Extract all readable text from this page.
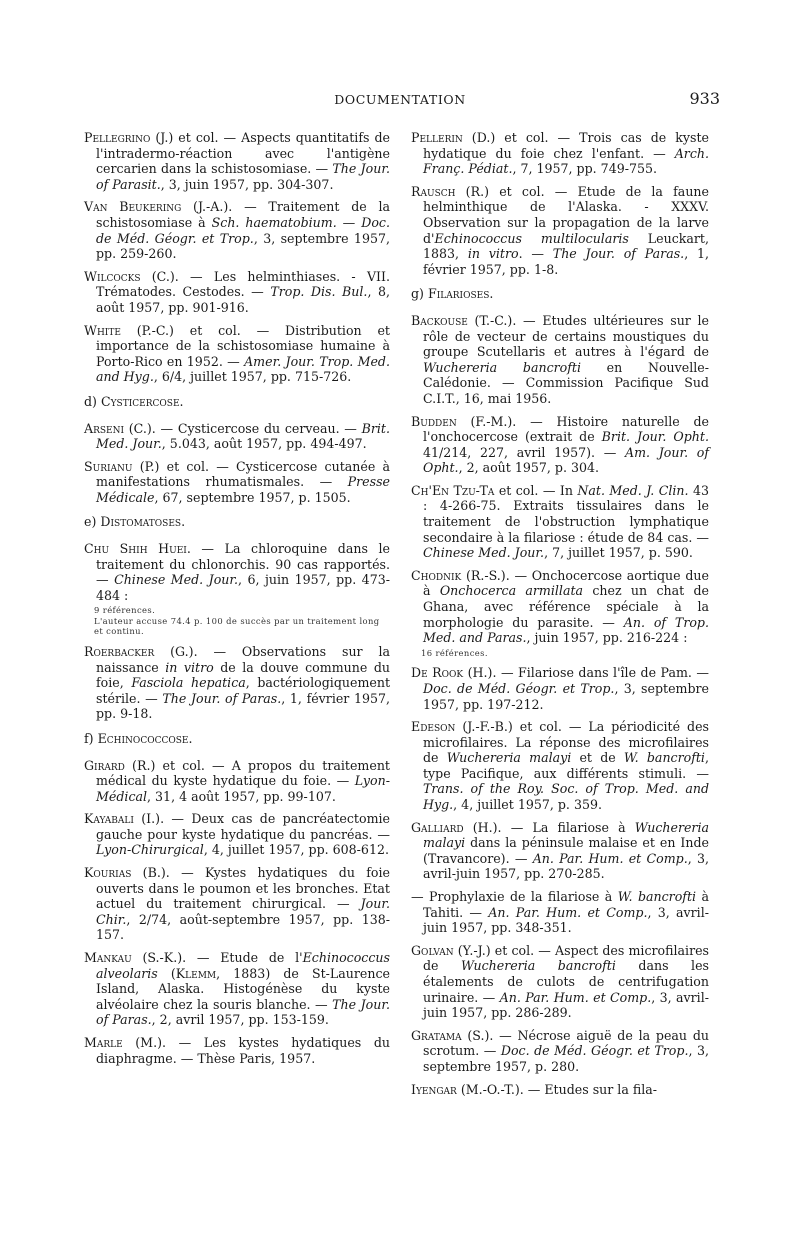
DOCUMENTATION	933
Pellegrino (J.) et col. — Aspects quantitatifs de l'intradermo-réaction avec l'antigène cercarien dans la schistosomiase. — The Jour. of Parasit., 3, juin 1957, pp. 304-307.
Van Beukering (J.-A.). — Traitement de la schistosomiase à Sch. haematobium. — Doc. de Méd. Géogr. et Trop., 3, septembre 1957, pp. 259-260.
Wilcocks (C.). — Les helminthiases. - VII. Trématodes. Cestodes. — Trop. Dis. Bul., 8, août 1957, pp. 901-916.
White (P.-C.) et col. — Distribution et importance de la schistosomiase humaine à Porto-Rico en 1952. — Amer. Jour. Trop. Med. and Hyg., 6/4, juillet 1957, pp. 715-726.
d) Cysticercose.
Arseni (C.). — Cysticercose du cerveau. — Brit. Med. Jour., 5.043, août 1957, pp. 494-497.
Surianu (P.) et col. — Cysticercose cutanée à manifestations rhumatismales. — Presse Médicale, 67, septembre 1957, p. 1505.
e) Distomatoses.
Chu Shih Huei. — La chloroquine dans le traitement du chlonorchis. 90 cas rapportés. — Chinese Med. Jour., 6, juin 1957, pp. 473-484 :

9 références.

L'auteur accuse 74.4 p. 100 de succès par un traitement long et continu.

Roerbacker (G.). — Observations sur la naissance in vitro de la douve commune du foie, Fasciola hepatica, bactériologiquement stérile. — The Jour. of Paras., 1, février 1957, pp. 9-18.
f) Echinococcose.
Girard (R.) et col. — A propos du traitement médical du kyste hydatique du foie. — Lyon-Médical, 31, 4 août 1957, pp. 99-107.
Kayabali (I.). — Deux cas de pancréatectomie gauche pour kyste hydatique du pancréas. — Lyon-Chirurgical, 4, juillet 1957, pp. 608-612.
Kourias (B.). — Kystes hydatiques du foie ouverts dans le poumon et les bronches. Etat actuel du traitement chirurgical. — Jour. Chir., 2/74, août-septembre 1957, pp. 138-157.
Mankau (S.-K.). — Etude de l'Echinococcus alveolaris (Klemm, 1883) de St-Laurence Island, Alaska. Histogénèse du kyste alvéolaire chez la souris blanche. — The Jour. of Paras., 2, avril 1957, pp. 153-159.
Marle (M.). — Les kystes hydatiques du diaphragme. — Thèse Paris, 1957.
Pellerin (D.) et col. — Trois cas de kyste hydatique du foie chez l'enfant. — Arch. Franç. Pédiat., 7, 1957, pp. 749-755.
Rausch (R.) et col. — Etude de la faune helminthique de l'Alaska. - XXXV. Observation sur la propagation de la larve d'Echinococcus multilocularis Leuckart, 1883, in vitro. — The Jour. of Paras., 1, février 1957, pp. 1-8.
g) Filarioses.
Backouse (T.-C.). — Etudes ultérieures sur le rôle de vecteur de certains moustiques du groupe Scutellaris et autres à l'égard de Wuchereria bancrofti en Nouvelle-Calédonie. — Commission Pacifique Sud C.I.T., 16, mai 1956.
Budden (F.-M.). — Histoire naturelle de l'onchocercose (extrait de Brit. Jour. Opht. 41/214, 227, avril 1957). — Am. Jour. of Opht., 2, août 1957, p. 304.
Ch'En Tzu-Ta et col. — In Nat. Med. J. Clin. 43 : 4-266-75. Extraits tissulaires dans le traitement de l'obstruction lymphatique secondaire à la filariose : étude de 84 cas. — Chinese Med. Jour., 7, juillet 1957, p. 590.
Chodnik (R.-S.). — Onchocercose aortique due à Onchocerca armillata chez un chat de Ghana, avec référence spéciale à la morphologie du parasite. — An. of Trop. Med. and Paras., juin 1957, pp. 216-224 :

16 références.

De Rook (H.). — Filariose dans l'île de Pam. — Doc. de Méd. Géogr. et Trop., 3, septembre 1957, pp. 197-212.
Edeson (J.-F.-B.) et col. — La périodicité des microfilaires. La réponse des microfilaires de Wuchereria malayi et de W. bancrofti, type Pacifique, aux différents stimuli. — Trans. of the Roy. Soc. of Trop. Med. and Hyg., 4, juillet 1957, p. 359.
Galliard (H.). — La filariose à Wuchereria malayi dans la péninsule malaise et en Inde (Travancore). — An. Par. Hum. et Comp., 3, avril-juin 1957, pp. 270-285.
— Prophylaxie de la filariose à W. bancrofti à Tahiti. — An. Par. Hum. et Comp., 3, avril-juin 1957, pp. 348-351.
Golvan (Y.-J.) et col. — Aspect des microfilaires de Wuchereria bancrofti dans les étalements de culots de centrifugation urinaire. — An. Par. Hum. et Comp., 3, avril-juin 1957, pp. 286-289.
Gratama (S.). — Nécrose aiguë de la peau du scrotum. — Doc. de Méd. Géogr. et Trop., 3, septembre 1957, p. 280.
Iyengar (M.-O.-T.). — Etudes sur la fila-
